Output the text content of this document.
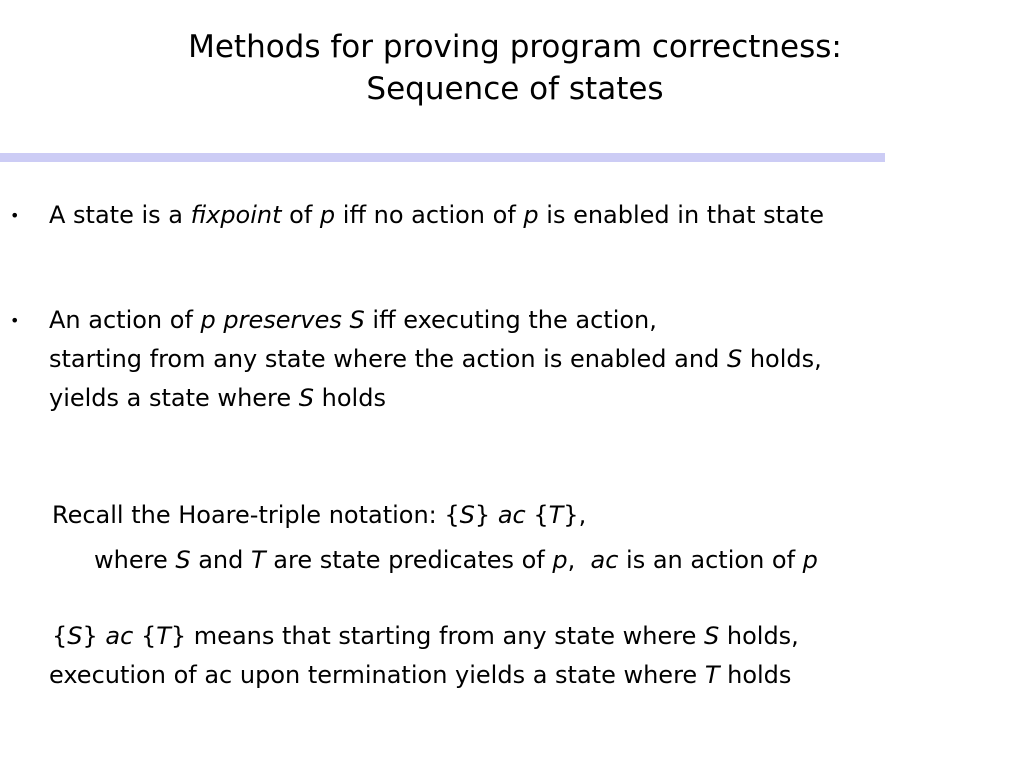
Methods for proving program correctness:
Sequence of states
• A state is a fixpoint of p iff no action of p is enabled in that state
• An action of p preserves S iff executing the action,
starting from any state where the action is enabled and S holds,
yields a state where S holds
Recall the Hoare-triple notation: {S} ac {T},
where S and T are state predicates of p,  ac is an action of p
{S} ac {T} means that starting from any state where S holds,
execution of ac upon termination yields a state where T holds
